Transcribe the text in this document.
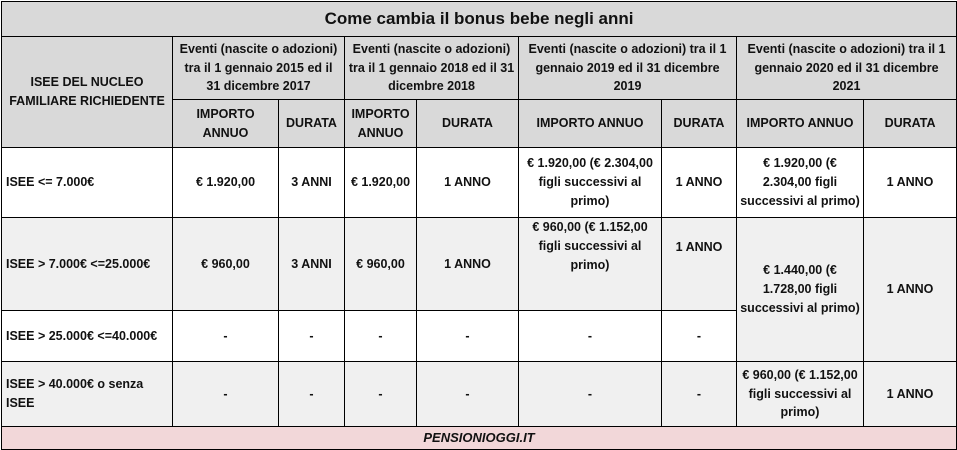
Come cambia il bonus bebe negli anni								
ISEE DEL NUCLEO FAMILIARE RICHIEDENTE	Eventi (nascite o adozioni) tra il 1 gennaio 2015 ed il 31 dicembre 2017		Eventi (nascite o adozioni) tra il 1 gennaio 2018 ed il 31 dicembre 2018		Eventi (nascite o adozioni) tra il 1 gennaio 2019 ed il 31 dicembre 2019		Eventi (nascite o adozioni) tra il 1 gennaio 2020 ed il 31 dicembre 2021	
	IMPORTO ANNUO	DURATA	IMPORTO ANNUO	DURATA	IMPORTO ANNUO	DURATA	IMPORTO ANNUO	DURATA
ISEE <= 7.000€	€ 1.920,00	3 ANNI	€ 1.920,00	1 ANNO	€ 1.920,00 (€ 2.304,00 figli successivi al primo)	1 ANNO	€ 1.920,00 (€ 2.304,00 figli successivi al primo)	1 ANNO
ISEE > 7.000€ <=25.000€	€ 960,00	3 ANNI	€ 960,00	1 ANNO	€ 960,00 (€ 1.152,00 figli successivi al primo)	1 ANNO	€ 1.440,00 (€ 1.728,00 figli successivi al primo)	1 ANNO
ISEE > 25.000€ <=40.000€	-	-	-	-	-	-		
ISEE > 40.000€ o senza ISEE	-	-	-	-	-	-	€ 960,00 (€ 1.152,00 figli successivi al primo)	1 ANNO
PENSIONIOGGI.IT								
